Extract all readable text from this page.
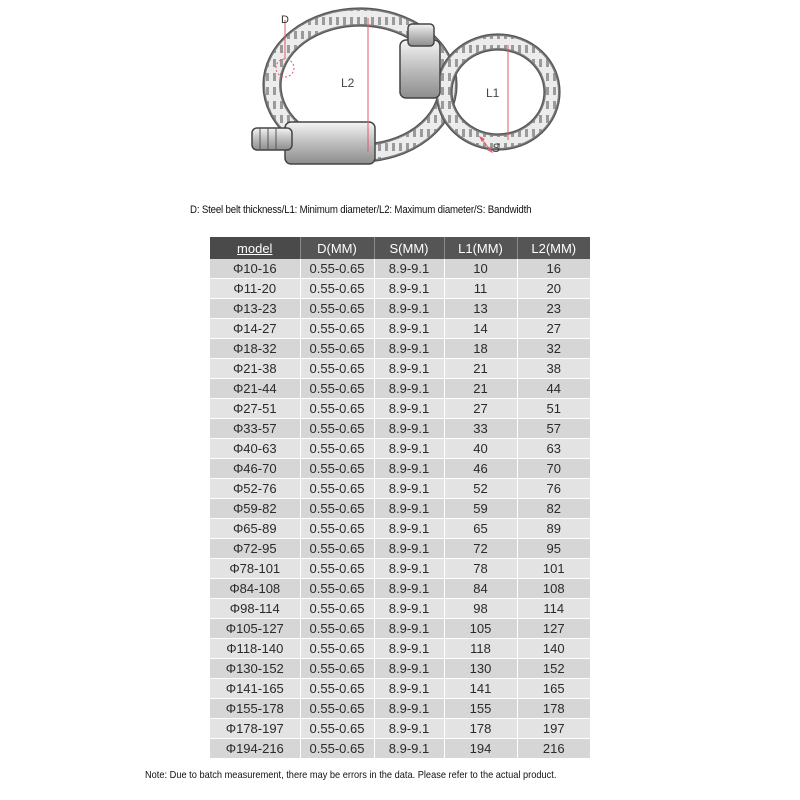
D
L2
L1
S
D: Steel belt thickness/L1: Minimum diameter/L2: Maximum diameter/S: Bandwidth
model	D(MM)	S(MM)	L1(MM)	L2(MM)
Φ10-16	0.55-0.65	8.9-9.1	10	16
Φ11-20	0.55-0.65	8.9-9.1	11	20
Φ13-23	0.55-0.65	8.9-9.1	13	23
Φ14-27	0.55-0.65	8.9-9.1	14	27
Φ18-32	0.55-0.65	8.9-9.1	18	32
Φ21-38	0.55-0.65	8.9-9.1	21	38
Φ21-44	0.55-0.65	8.9-9.1	21	44
Φ27-51	0.55-0.65	8.9-9.1	27	51
Φ33-57	0.55-0.65	8.9-9.1	33	57
Φ40-63	0.55-0.65	8.9-9.1	40	63
Φ46-70	0.55-0.65	8.9-9.1	46	70
Φ52-76	0.55-0.65	8.9-9.1	52	76
Φ59-82	0.55-0.65	8.9-9.1	59	82
Φ65-89	0.55-0.65	8.9-9.1	65	89
Φ72-95	0.55-0.65	8.9-9.1	72	95
Φ78-101	0.55-0.65	8.9-9.1	78	101
Φ84-108	0.55-0.65	8.9-9.1	84	108
Φ98-114	0.55-0.65	8.9-9.1	98	114
Φ105-127	0.55-0.65	8.9-9.1	105	127
Φ118-140	0.55-0.65	8.9-9.1	118	140
Φ130-152	0.55-0.65	8.9-9.1	130	152
Φ141-165	0.55-0.65	8.9-9.1	141	165
Φ155-178	0.55-0.65	8.9-9.1	155	178
Φ178-197	0.55-0.65	8.9-9.1	178	197
Φ194-216	0.55-0.65	8.9-9.1	194	216
Note: Due to batch measurement, there may be errors in the data. Please refer to the actual product.
